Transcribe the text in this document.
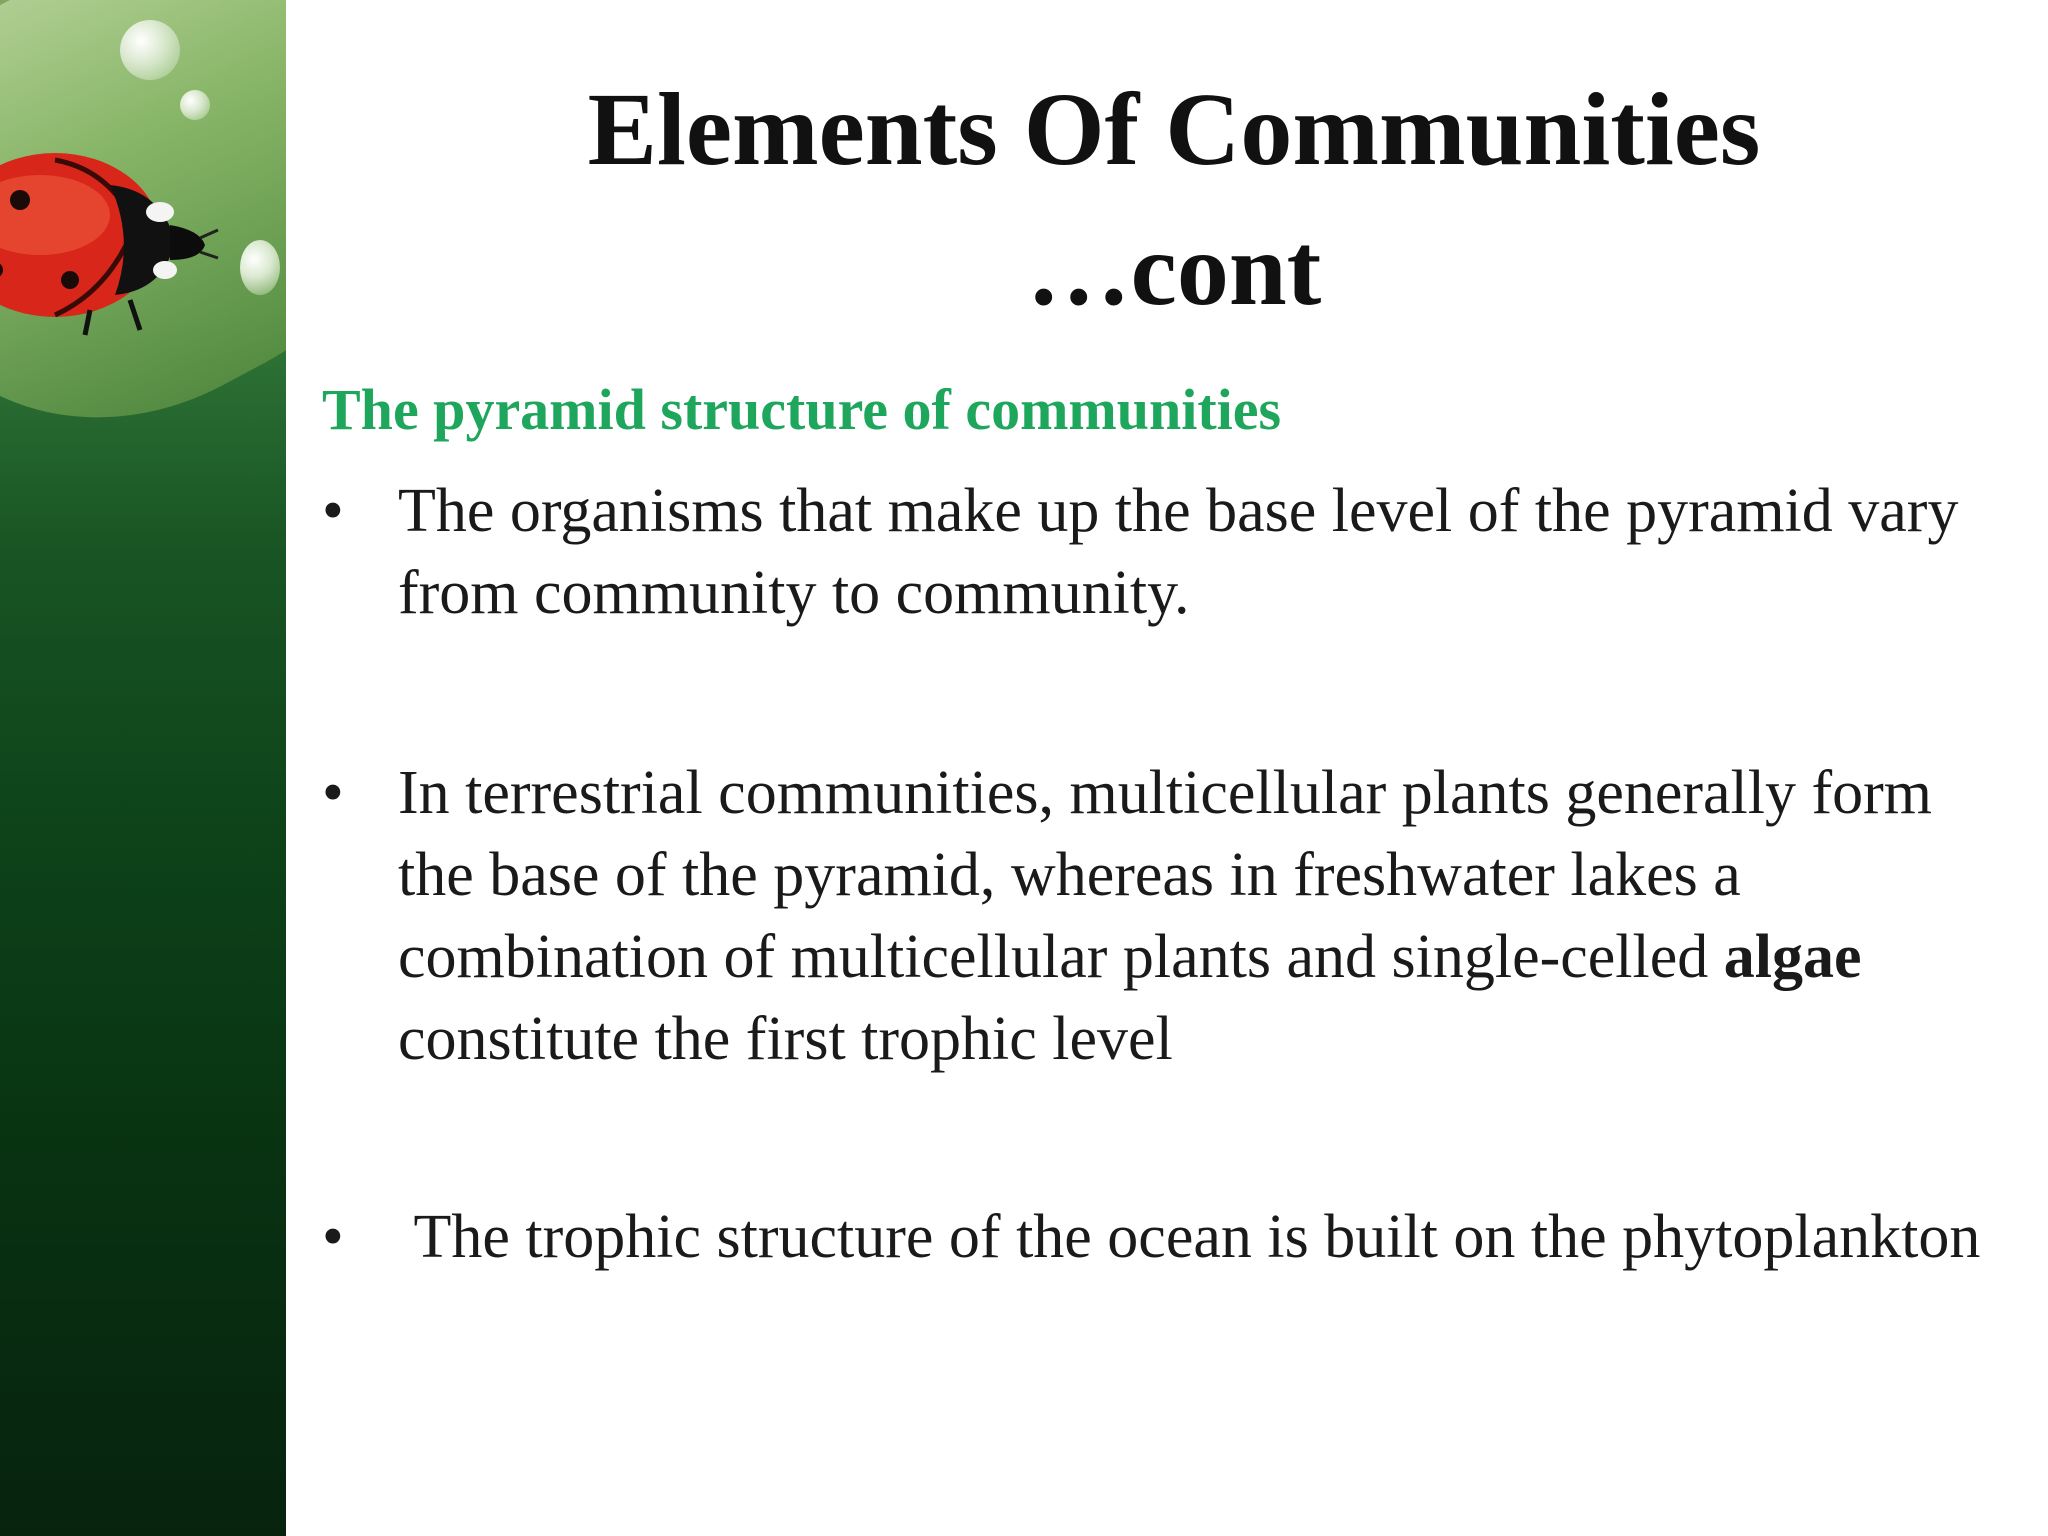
Elements Of Communities
…cont
The pyramid structure of communities
• The organisms that make up the base level of the pyramid vary from community to community.
• In terrestrial communities, multicellular plants generally form the base of the pyramid, whereas in freshwater lakes a combination of multicellular plants and single-celled algae constitute the first trophic level
• The trophic structure of the ocean is built on the phytoplankton
